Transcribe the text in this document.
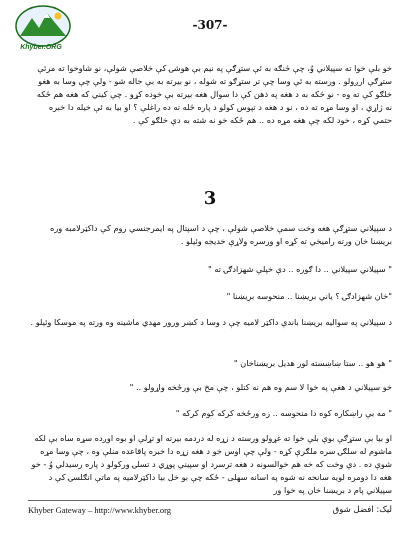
Khyber.ORG
-307-
خو بلې خوا ته سپيلاني وُ، چې څنګه به ئې ستړګې په نيم بې هوشۍ کې خلاصې شولې، نو شاوخوا ته مرئې ستړګې ارږولو . ورسته به ئې وسا چې تر ستړګو ته شوله ، نو بيرته به بې حاله شو - ولې چې وسا به هغو خلګو کې ته وه - نو څکه به د هغه په ذهن کې دا سوال هغه بيرته بې خوده کړو . چې کيني که هغه هم ځکه نه ژاړي ، او وسا مړه ته ده ، نو د هغه د تپوس کولو د پاره څله ته ده راغلې ؟ او بيا به ئې خيله دا خبره حتمي کړه ، خود لکه چې هغه مړه ده .. هم ځکه خو نه شته به دې خلګو کې .
3
د سپيلاني ستړګې هغه وخت سمې خلاصې شولې ، چې د اسپتال په ايمرجنسي روم کې داکټرلامبه وره بريښنا خان ورته راميخي ته کړه او ورسره ولاړې خدیجه وئيلو .
" سپيلاني سپيلاني .. دا ګوره .. دې خپلې شهزادګۍ ته "
"خان شهزادګۍ ؟ ياني بريښنا .. منحوسه بريښنا "
د سپيلاني په سواليه بريښنا باندې داکټر لاميه چې د وسا د کښر ورور مهدي ماشينه وه ورته په موسکا وئيلو .
" هو هو .. ستا ښاښسته لور هديل بريښناخان "
خو سپيلاني د هغې په خوا لا سم وه هم نه کتلو ، چې مخ بې ورځخه واړولو .. "
" مه بې راښکاره کوه دا منحوسه .. زه ورځخه کرکه کوم کرکه "
او بيا بې ستړګې بوې بلې خوا ته غړولو ورسته د زړه له دردمه بيرته او تړلې او بوه اوږده سړه ساه بې لکه ماشوم له سلګۍ سره ملګرې کړه - ولې چې اوس خو د هغه زړه دا خبره پاقاعده منلې وه ، چې وسا مړه شوې ده . دې وخت که خه هم خوالسونه د هغه ترسرد او سپيني پوړي د تسلۍ ورکولو د پاره رسيدلي وُ - خو هغه دا دومره لويه سانحه نه شوه په اسانه سهلی - ځکه چې بو خل بيا داکټرلاميه په ماتې انګلسۍ کې د سپيلاني پام د بريښنا خان په خوا ور
Khyber Gateway – http://www.khyber.org	ليک: افضل شوق
